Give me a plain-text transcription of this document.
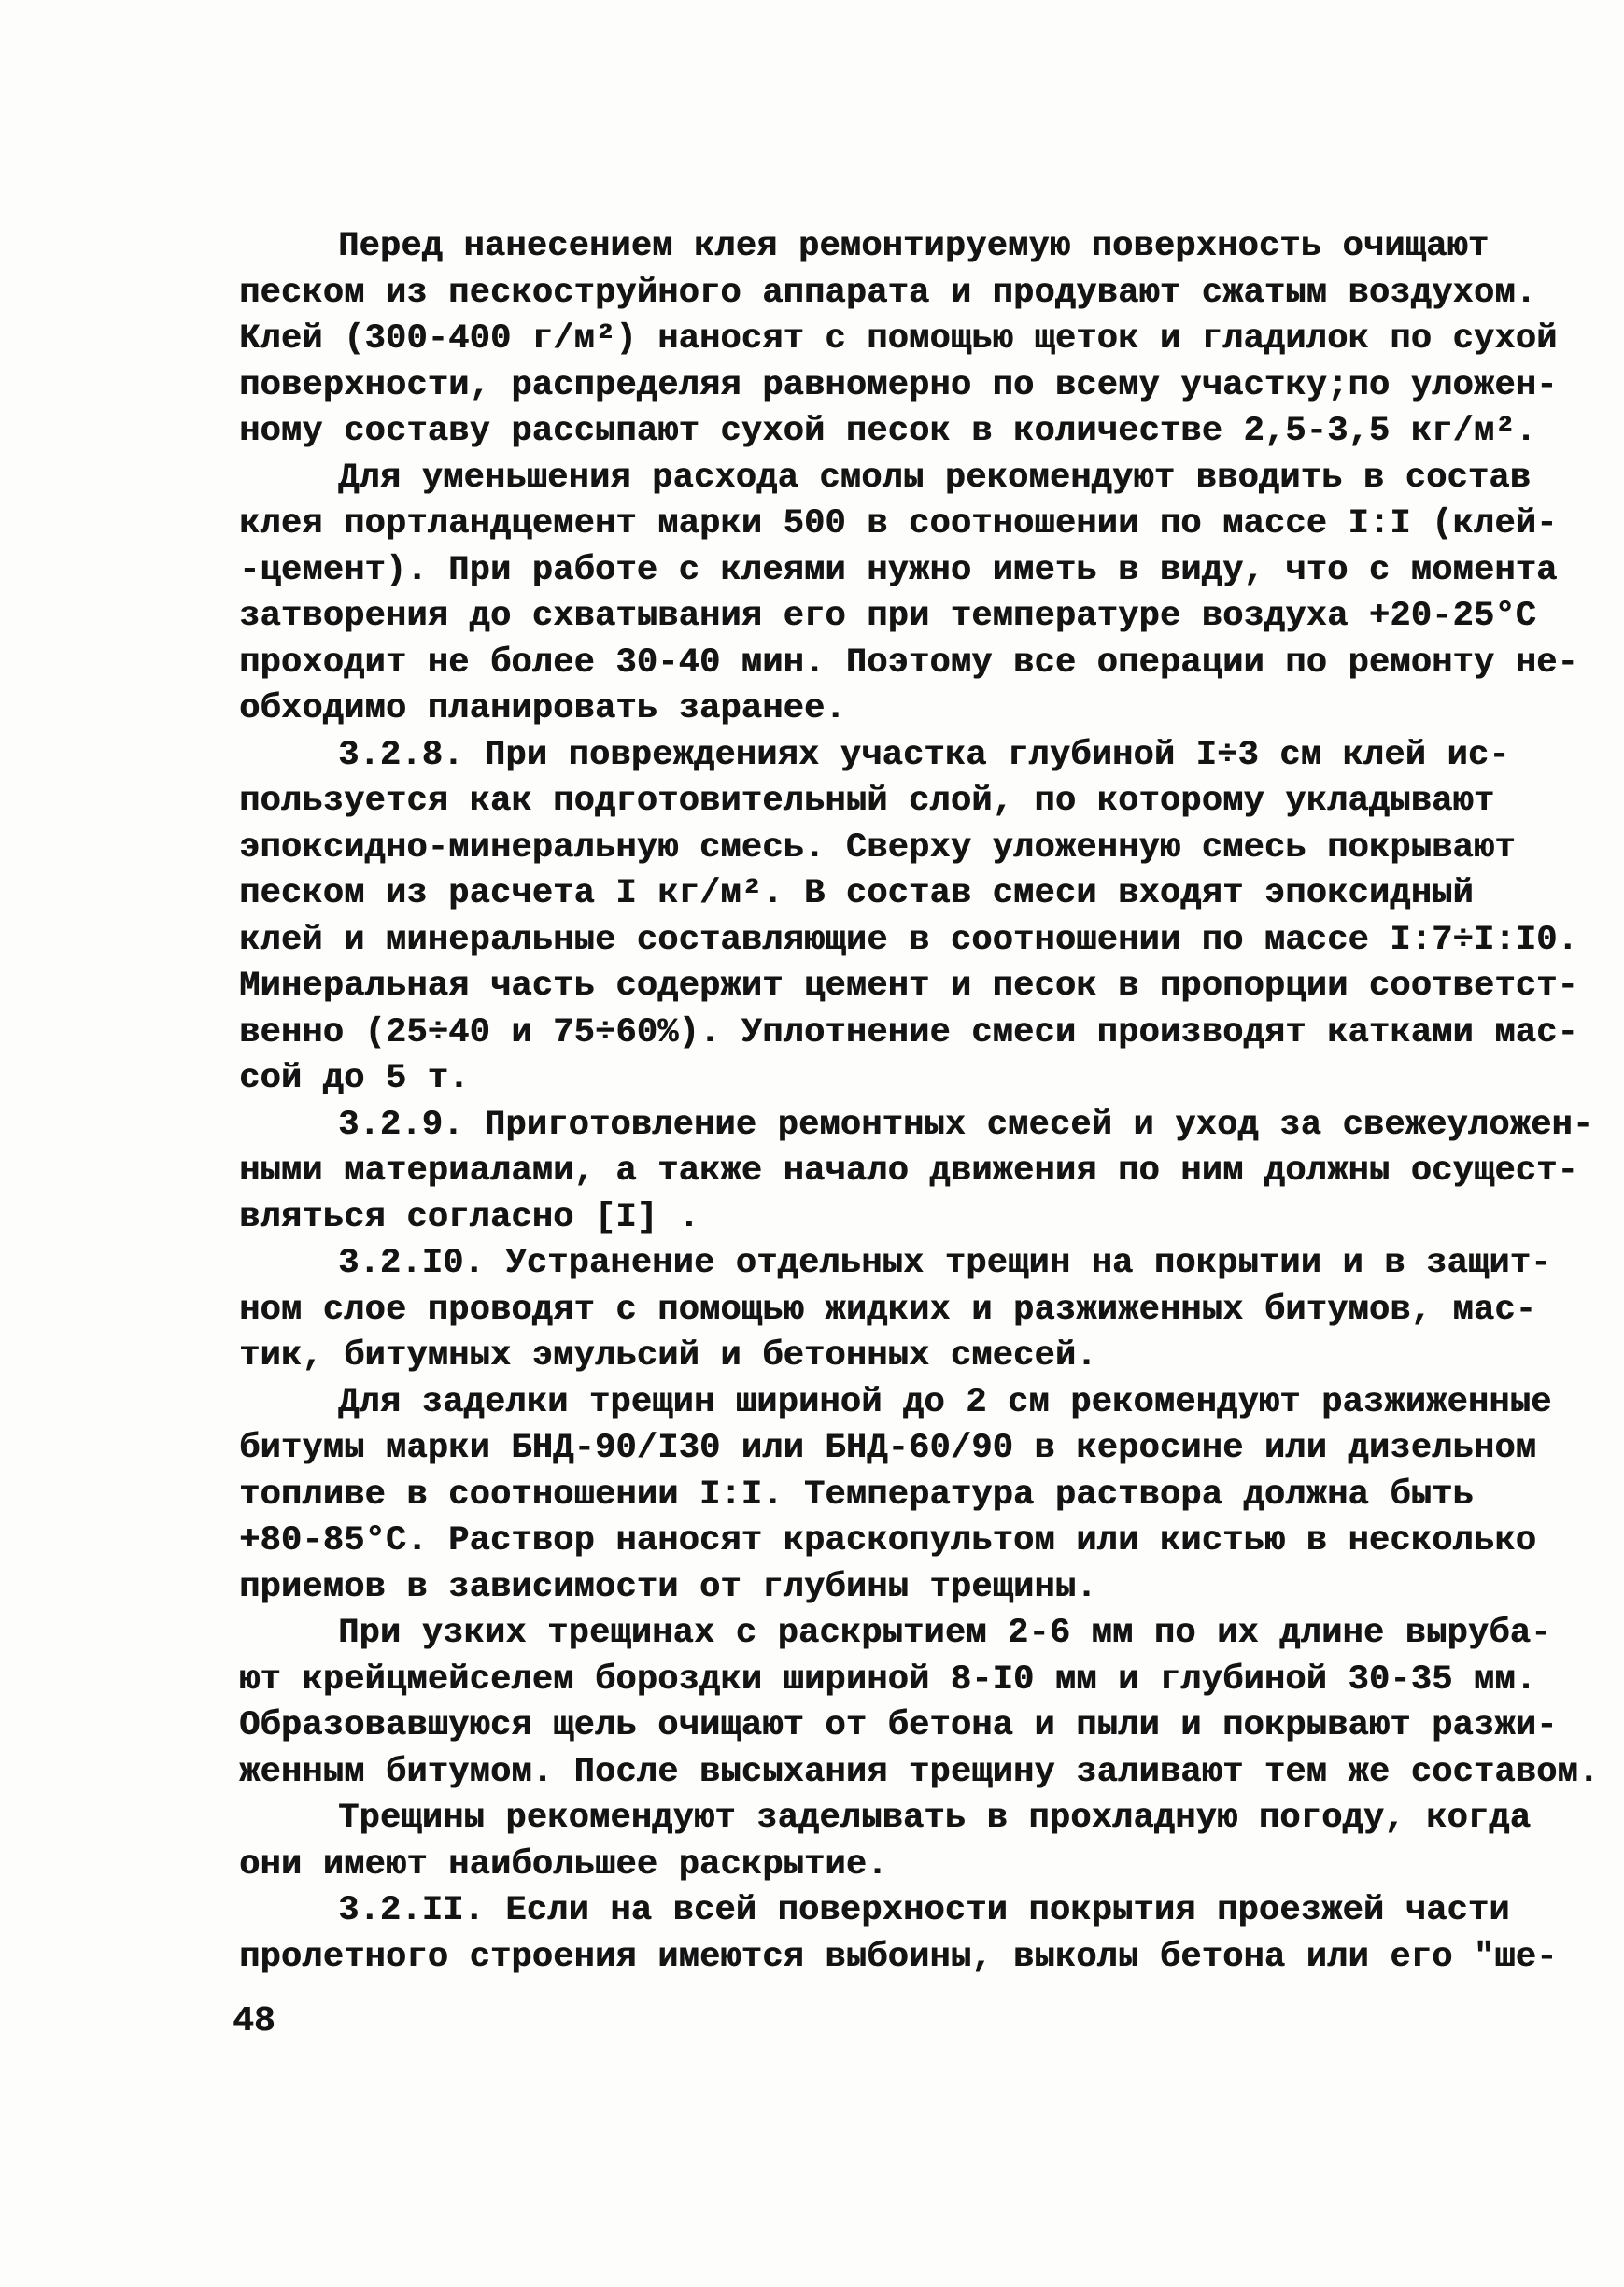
Перед нанесением клея ремонтируемую поверхность очищают
песком из пескоструйного аппарата и продувают сжатым воздухом.
Клей (300-400 г/м²) наносят с помощью щеток и гладилок по сухой
поверхности, распределяя равномерно по всему участку;по уложен-
ному составу рассыпают сухой песок в количестве 2,5-3,5 кг/м².
Для уменьшения расхода смолы рекомендуют вводить в состав
клея портландцемент марки 500 в соотношении по массе I:I (клей-
-цемент). При работе с клеями нужно иметь в виду, что с момента
затворения до схватывания его при температуре воздуха +20-25°С
проходит не более 30-40 мин. Поэтому все операции по ремонту не-
обходимо планировать заранее.
3.2.8. При повреждениях участка глубиной I÷3 см клей ис-
пользуется как подготовительный слой, по которому укладывают
эпоксидно-минеральную смесь. Сверху уложенную смесь покрывают
песком из расчета I кг/м². В состав смеси входят эпоксидный
клей и минеральные составляющие в соотношении по массе I:7÷I:I0.
Минеральная часть содержит цемент и песок в пропорции соответст-
венно (25÷40 и 75÷60%). Уплотнение смеси производят катками мас-
сой до 5 т.
3.2.9. Приготовление ремонтных смесей и уход за свежеуложен-
ными материалами, а также начало движения по ним должны осущест-
вляться согласно [I] .
3.2.I0. Устранение отдельных трещин на покрытии и в защит-
ном слое проводят с помощью жидких и разжиженных битумов, мас-
тик, битумных эмульсий и бетонных смесей.
Для заделки трещин шириной до 2 см рекомендуют разжиженные
битумы марки БНД-90/I30 или БНД-60/90 в керосине или дизельном
топливе в соотношении I:I. Температура раствора должна быть
+80-85°С. Раствор наносят краскопультом или кистью в несколько
приемов в зависимости от глубины трещины.
При узких трещинах с раскрытием 2-6 мм по их длине выруба-
ют крейцмейселем бороздки шириной 8-I0 мм и глубиной 30-35 мм.
Образовавшуюся щель очищают от бетона и пыли и покрывают разжи-
женным битумом. После высыхания трещину заливают тем же составом.
Трещины рекомендуют заделывать в прохладную погоду, когда
они имеют наибольшее раскрытие.
3.2.II. Если на всей поверхности покрытия проезжей части
пролетного строения имеются выбоины, выколы бетона или его "ше-
48
